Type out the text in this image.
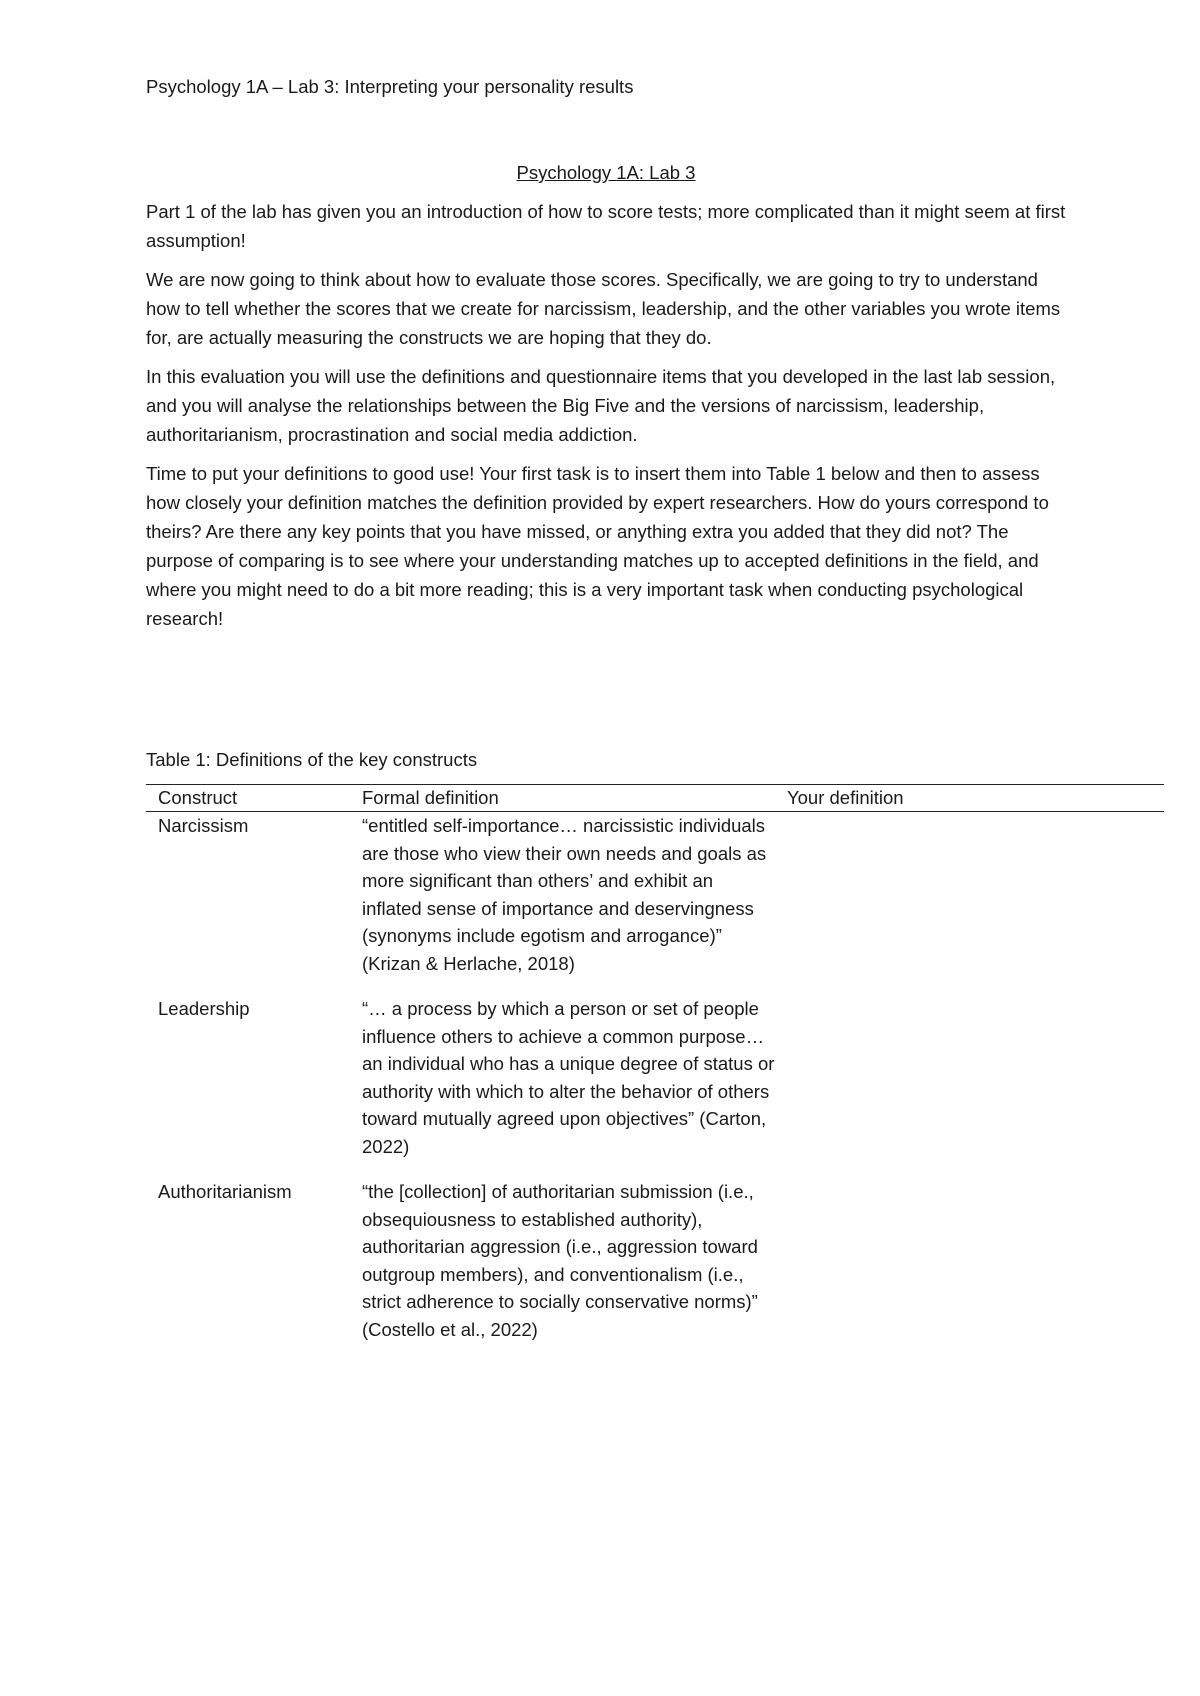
Psychology 1A – Lab 3: Interpreting your personality results

Psychology 1A: Lab 3

Part 1 of the lab has given you an introduction of how to score tests; more complicated than it might seem at first assumption!

We are now going to think about how to evaluate those scores. Specifically, we are going to try to understand how to tell whether the scores that we create for narcissism, leadership, and the other variables you wrote items for, are actually measuring the constructs we are hoping that they do.

In this evaluation you will use the definitions and questionnaire items that you developed in the last lab session, and you will analyse the relationships between the Big Five and the versions of narcissism, leadership, authoritarianism, procrastination and social media addiction.

Time to put your definitions to good use! Your first task is to insert them into Table 1 below and then to assess how closely your definition matches the definition provided by expert researchers. How do yours correspond to theirs? Are there any key points that you have missed, or anything extra you added that they did not? The purpose of comparing is to see where your understanding matches up to accepted definitions in the field, and where you might need to do a bit more reading; this is a very important task when conducting psychological research!

Table 1: Definitions of the key constructs

Construct	Formal definition	Your definition
Narcissism	“entitled self-importance… narcissistic individuals are those who view their own needs and goals as more significant than others’ and exhibit an inflated sense of importance and deservingness (synonyms include egotism and arrogance)” (Krizan & Herlache, 2018)	
Leadership	“… a process by which a person or set of people influence others to achieve a common purpose… an individual who has a unique degree of status or authority with which to alter the behavior of others toward mutually agreed upon objectives” (Carton, 2022)	
Authoritarianism	“the [collection] of authoritarian submission (i.e., obsequiousness to established authority), authoritarian aggression (i.e., aggression toward outgroup members), and conventionalism (i.e., strict adherence to socially conservative norms)” (Costello et al., 2022)	
